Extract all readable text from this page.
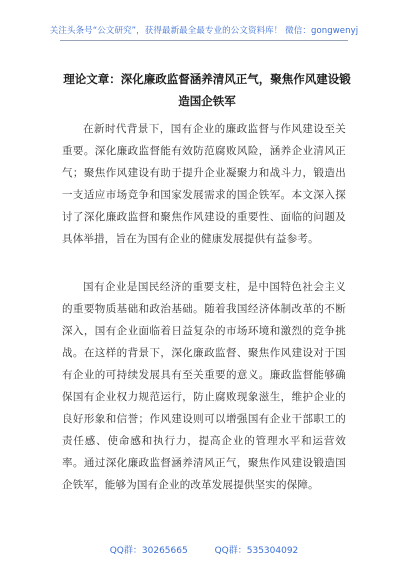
关注头条号“公文研究”，获得最新最全最专业的公文资料库！ 微信：gongwenyj
理论文章：深化廉政监督涵养清风正气，聚焦作风建设锻造国企铁军
在新时代背景下，国有企业的廉政监督与作风建设至关重要。深化廉政监督能有效防范腐败风险，涵养企业清风正气；聚焦作风建设有助于提升企业凝聚力和战斗力，锻造出一支适应市场竞争和国家发展需求的国企铁军。本文深入探讨了深化廉政监督和聚焦作风建设的重要性、面临的问题及具体举措，旨在为国有企业的健康发展提供有益参考。
国有企业是国民经济的重要支柱，是中国特色社会主义的重要物质基础和政治基础。随着我国经济体制改革的不断深入，国有企业面临着日益复杂的市场环境和激烈的竞争挑战。在这样的背景下，深化廉政监督、聚焦作风建设对于国有企业的可持续发展具有至关重要的意义。廉政监督能够确保国有企业权力规范运行，防止腐败现象滋生，维护企业的良好形象和信誉；作风建设则可以增强国有企业干部职工的责任感、使命感和执行力，提高企业的管理水平和运营效率。通过深化廉政监督涵养清风正气，聚焦作风建设锻造国企铁军，能够为国有企业的改革发展提供坚实的保障。
QQ群：30265665	QQ群：535304092
